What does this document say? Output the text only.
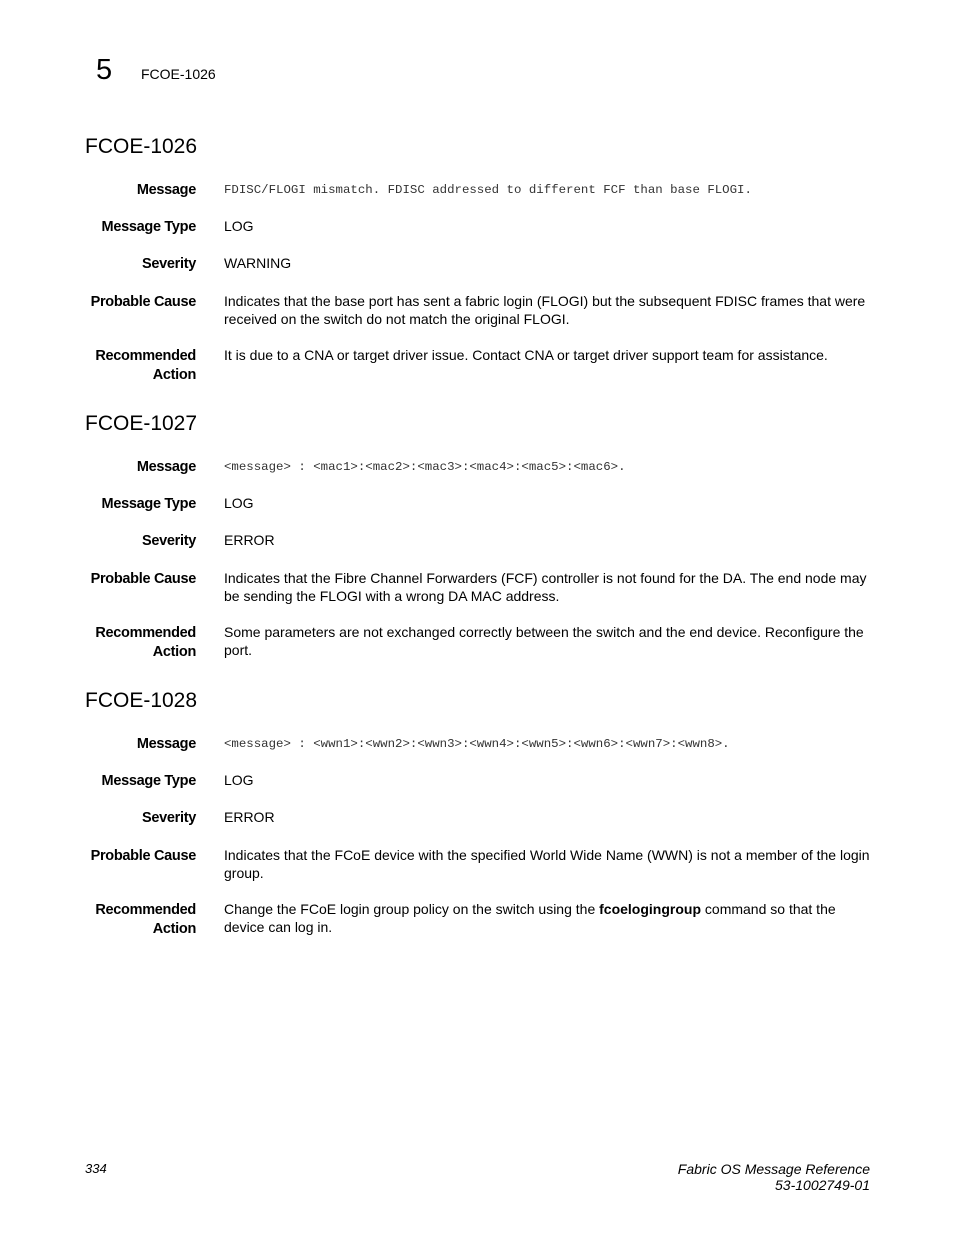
5 FCOE-1026
FCOE-1026
Message FDISC/FLOGI mismatch. FDISC addressed to different FCF than base FLOGI.
Message Type LOG
Severity WARNING
Probable Cause Indicates that the base port has sent a fabric login (FLOGI) but the subsequent FDISC frames that were received on the switch do not match the original FLOGI.
Recommended
Action
It is due to a CNA or target driver issue. Contact CNA or target driver support team for assistance.
FCOE-1027
Message <message> : <mac1>:<mac2>:<mac3>:<mac4>:<mac5>:<mac6>.
Message Type LOG
Severity ERROR
Probable Cause Indicates that the Fibre Channel Forwarders (FCF) controller is not found for the DA. The end node may be sending the FLOGI with a wrong DA MAC address.
Recommended
Action
Some parameters are not exchanged correctly between the switch and the end device. Reconfigure the port.
FCOE-1028
Message <message> : <wwn1>:<wwn2>:<wwn3>:<wwn4>:<wwn5>:<wwn6>:<wwn7>:<wwn8>.
Message Type LOG
Severity ERROR
Probable Cause Indicates that the FCoE device with the specified World Wide Name (WWN) is not a member of the login group.
Recommended
Action
Change the FCoE login group policy on the switch using the fcoelogingroup command so that the device can log in.
334	Fabric OS Message Reference
53-1002749-01
